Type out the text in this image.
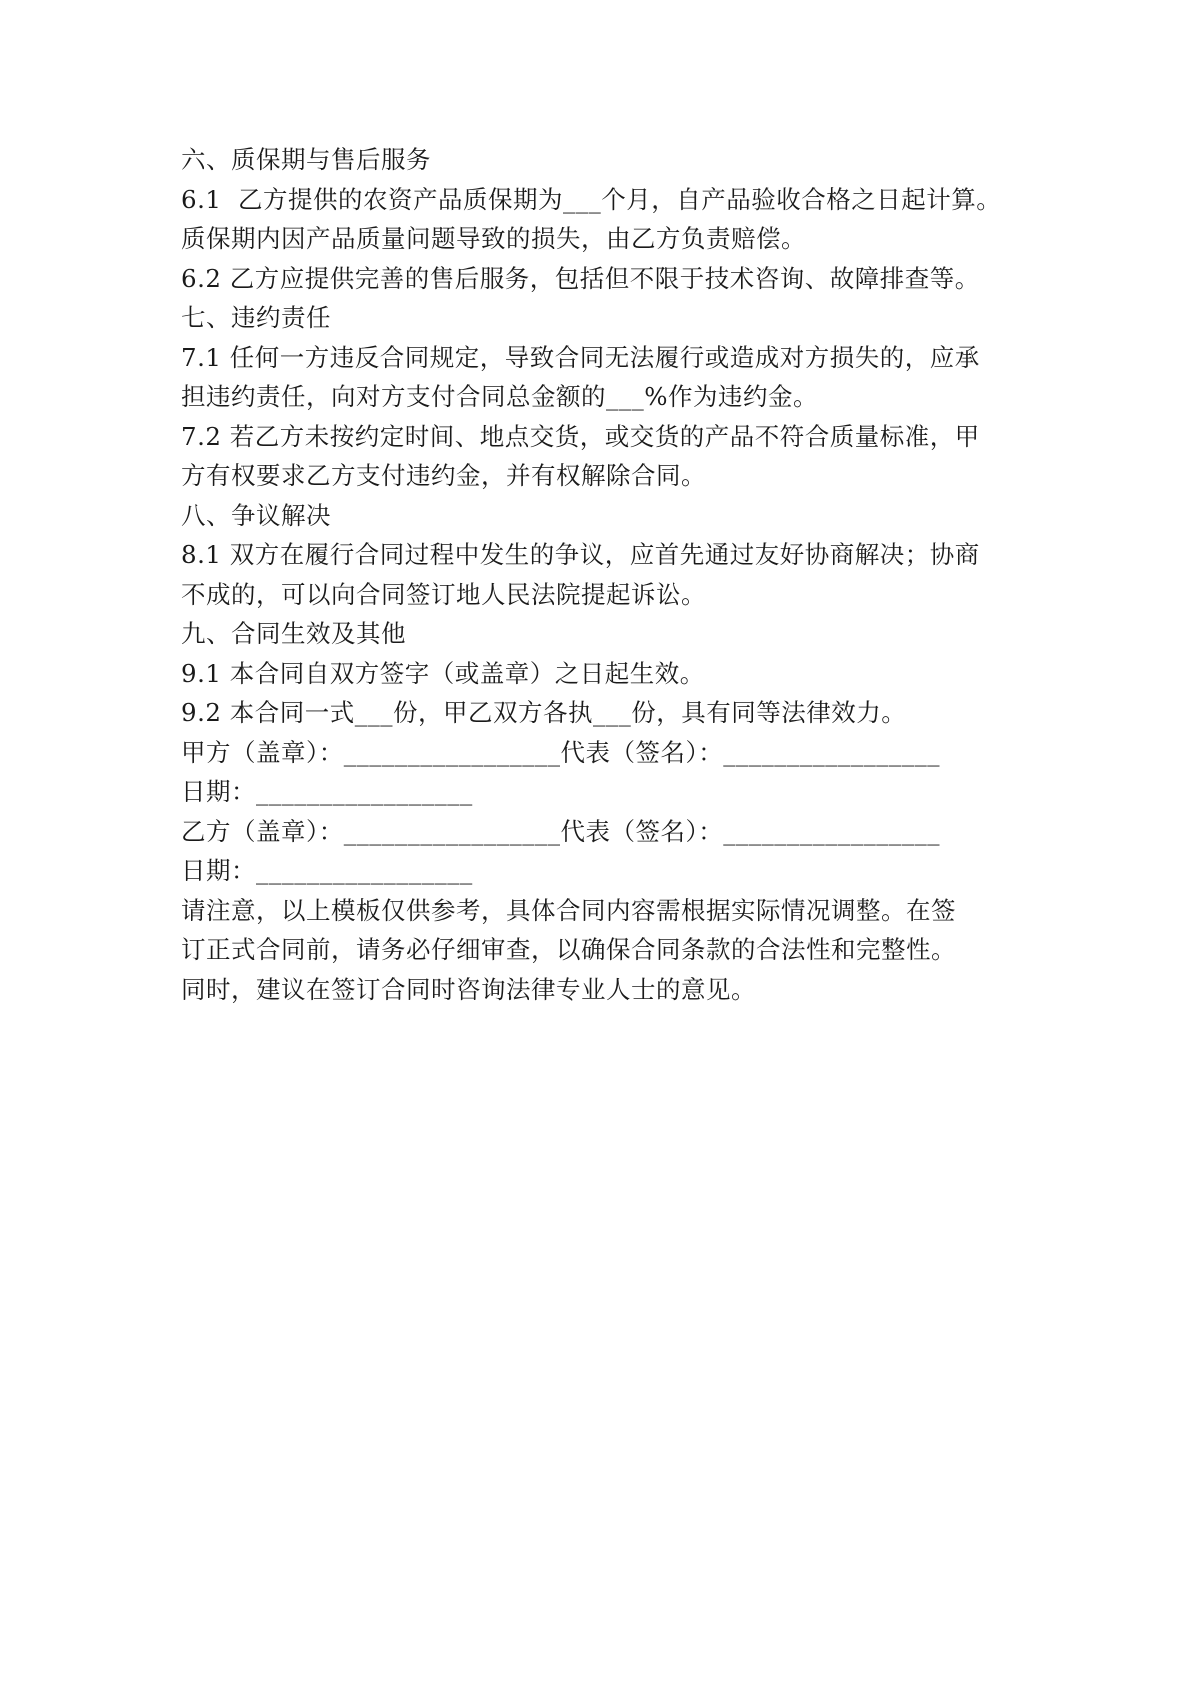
六、质保期与售后服务
6.1  乙方提供的农资产品质保期为___个月，自产品验收合格之日起计算。
质保期内因产品质量问题导致的损失，由乙方负责赔偿。
6.2 乙方应提供完善的售后服务，包括但不限于技术咨询、故障排查等。
七、违约责任
7.1 任何一方违反合同规定，导致合同无法履行或造成对方损失的，应承
担违约责任，向对方支付合同总金额的___%作为违约金。
7.2 若乙方未按约定时间、地点交货，或交货的产品不符合质量标准，甲
方有权要求乙方支付违约金，并有权解除合同。
八、争议解决
8.1 双方在履行合同过程中发生的争议，应首先通过友好协商解决；协商
不成的，可以向合同签订地人民法院提起诉讼。
九、合同生效及其他
9.1 本合同自双方签字（或盖章）之日起生效。
9.2 本合同一式___份，甲乙双方各执___份，具有同等法律效力。
甲方（盖章）：_________________代表（签名）：_________________
日期：_________________
乙方（盖章）：_________________代表（签名）：_________________
日期：_________________
请注意，以上模板仅供参考，具体合同内容需根据实际情况调整。在签
订正式合同前，请务必仔细审查，以确保合同条款的合法性和完整性。
同时，建议在签订合同时咨询法律专业人士的意见。
